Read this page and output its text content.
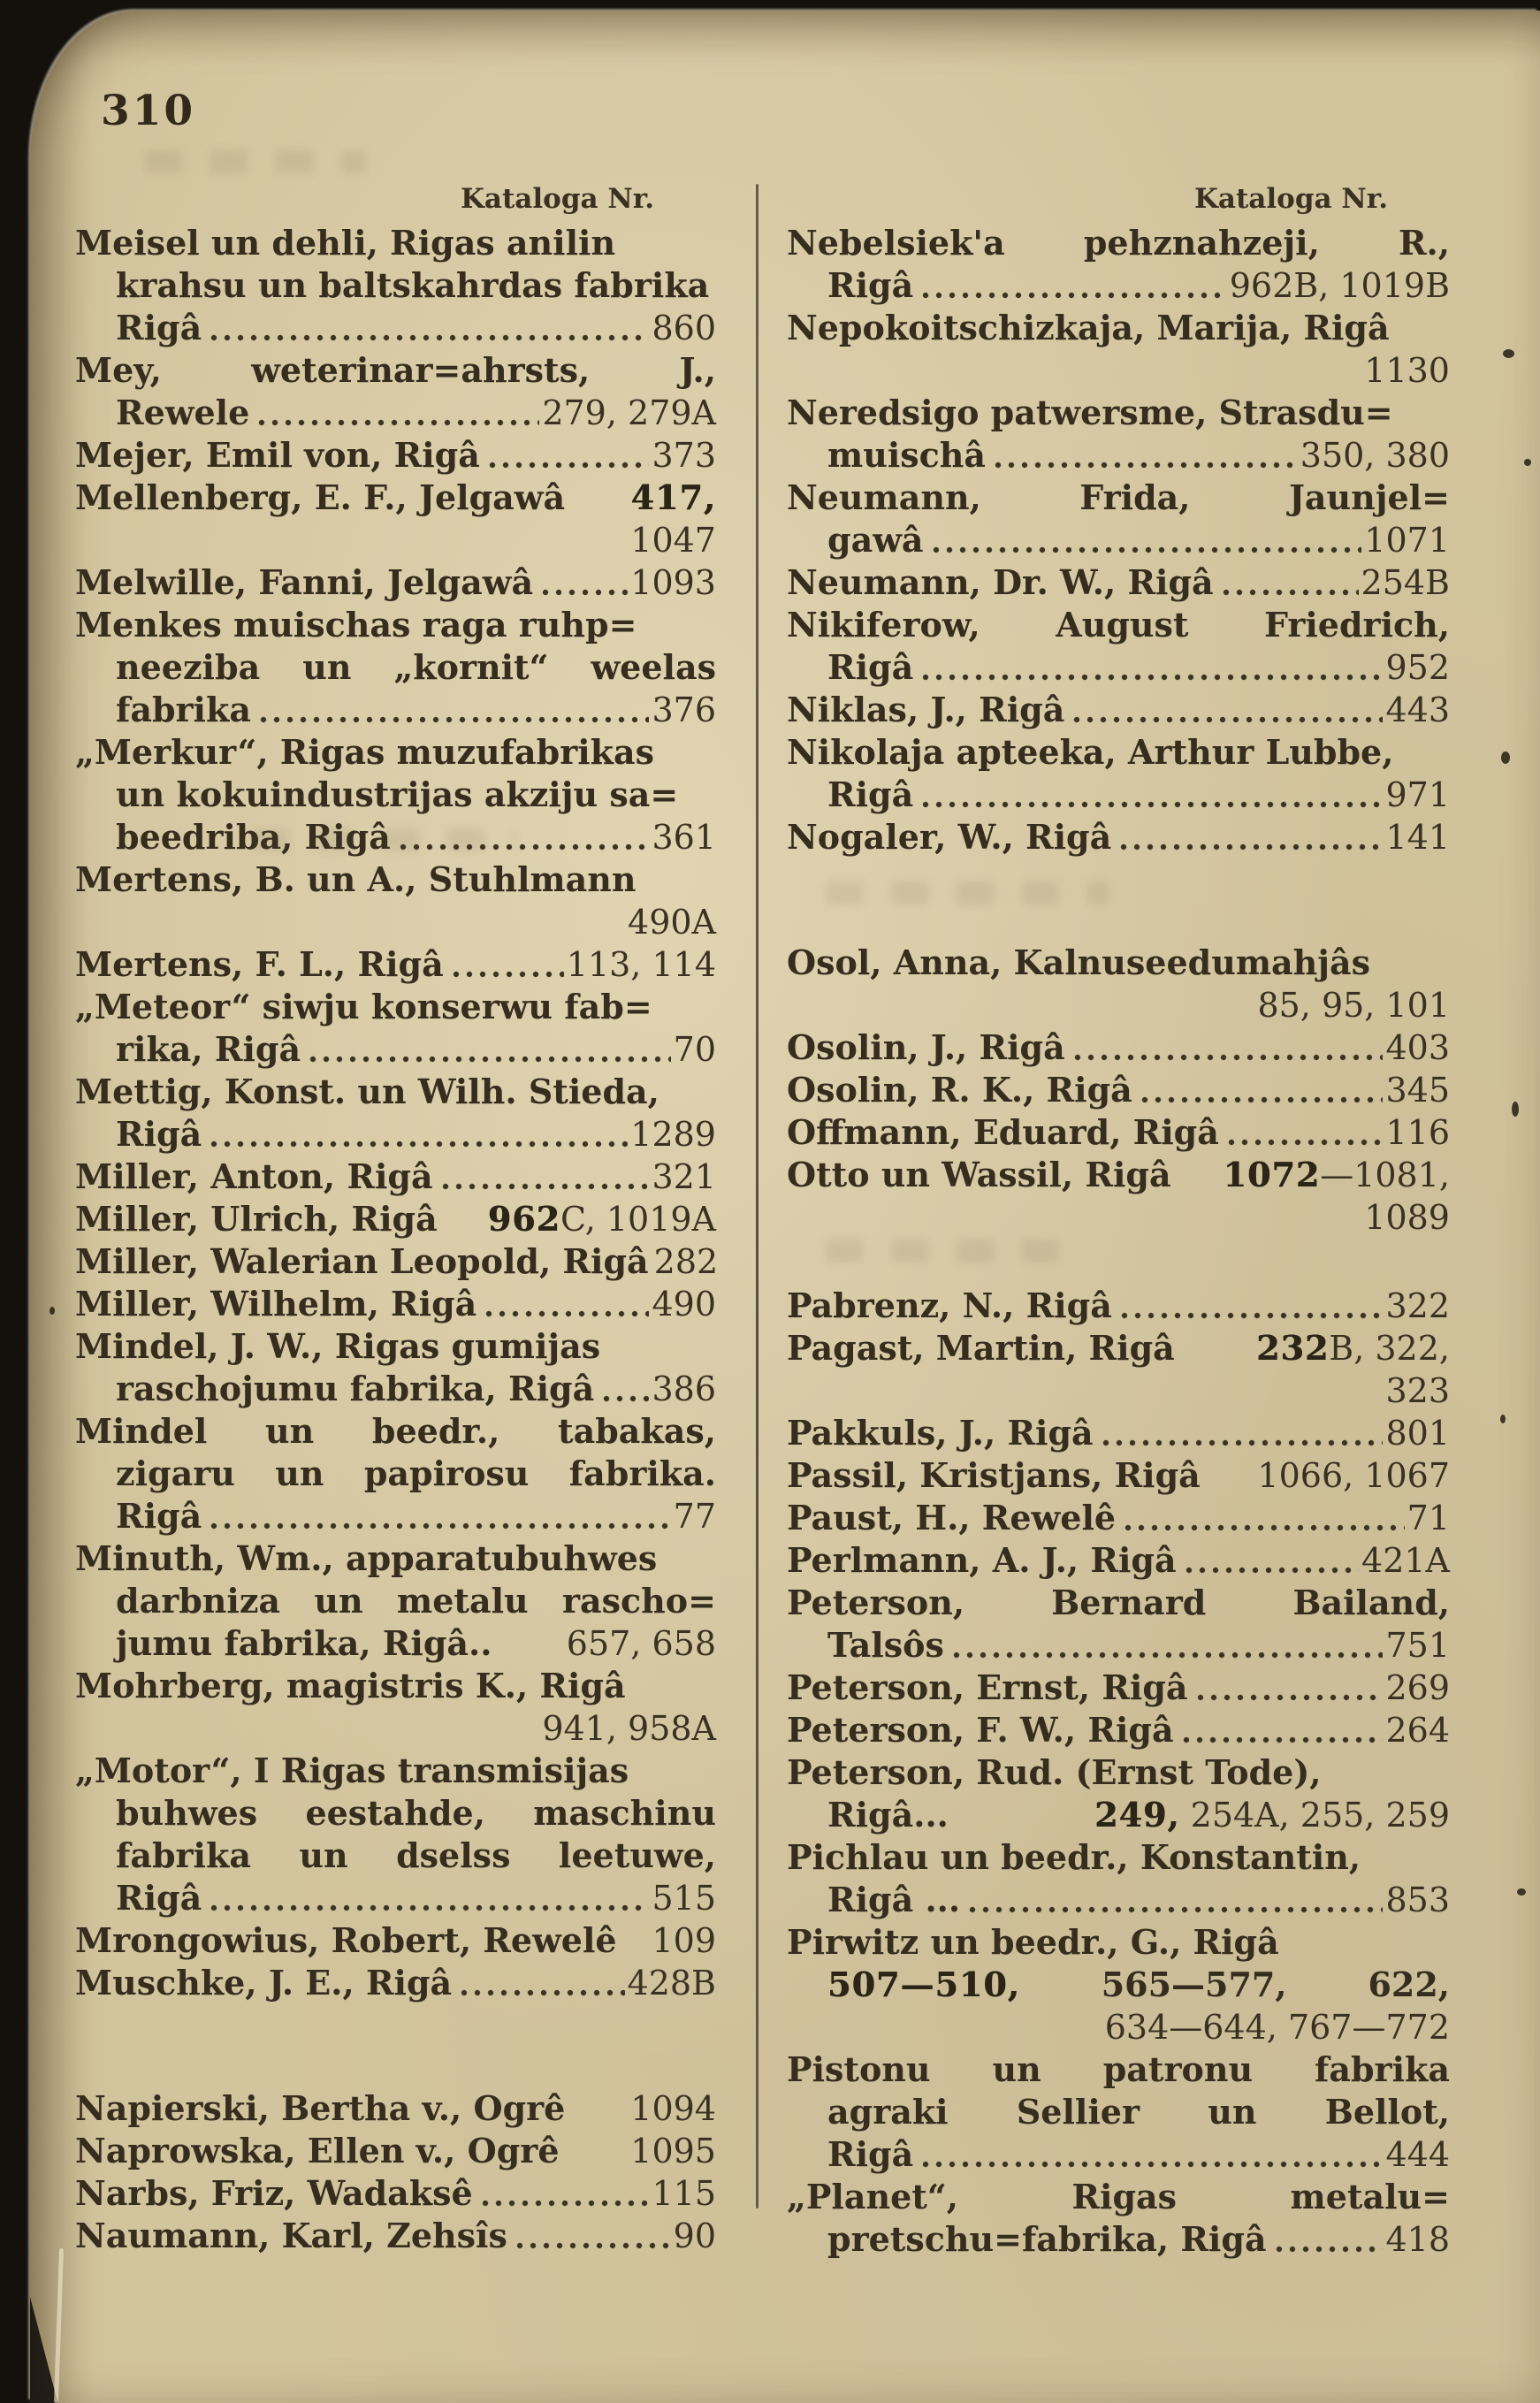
310
Kataloga Nr.
Meisel un dehli, Rigas anilin
krahsu un baltskahrdas fabrika
Rigâ	860
Mey,	weterinar=ahrsts,	J.,
Rewele	279, 279A
Mejer, Emil von, Rigâ	373
Mellenberg, E. F., Jelgawâ 417,
1047
Melwille, Fanni, Jelgawâ	1093
Menkes muischas raga ruhp=
neeziba un „kornit“ weelas
fabrika	376
„Merkur“, Rigas muzufabrikas
un kokuindustrijas akziju sa=
beedriba, Rigâ	361
Mertens, B. un A., Stuhlmann
490A
Mertens, F. L., Rigâ	113, 114
„Meteor“ siwju konserwu fab=
rika, Rigâ	70
Mettig, Konst. un Wilh. Stieda,
Rigâ	1289
Miller, Anton, Rigâ	321
Miller, Ulrich, Rigâ 962C, 1019A
Miller, Walerian Leopold, Rigâ 282
Miller, Wilhelm, Rigâ	490
Mindel, J. W., Rigas gumijas
raschojumu fabrika, Rigâ 386
Mindel un beedr., tabakas,
zigaru un papirosu fabrika.
Rigâ	77
Minuth, Wm., apparatubuhwes
darbniza un metalu rascho=
jumu fabrika, Rigâ.. 657, 658
Mohrberg, magistris K., Rigâ
941, 958A
„Motor“, I Rigas transmisijas
buhwes eestahde, maschinu
fabrika un dselss leetuwe,
Rigâ	515
Mrongowius, Robert, Rewelê 109
Muschke, J. E., Rigâ	428B
Napierski, Bertha v., Ogrê 1094
Naprowska, Ellen v., Ogrê 1095
Narbs, Friz, Wadaksê	115
Naumann, Karl, Zehsîs	90
Kataloga Nr.
Nebelsiek'a pehznahzeji, R.,
Rigâ	962B, 1019B
Nepokoitschizkaja, Marija, Rigâ
1130
Neredsigo patwersme, Strasdu=
muischâ	350, 380
Neumann,	Frida,	Jaunjel=
gawâ	1071
Neumann, Dr. W., Rigâ	254B
Nikiferow, August Friedrich,
Rigâ	952
Niklas, J., Rigâ	443
Nikolaja apteeka, Arthur Lubbe,
Rigâ	971
Nogaler, W., Rigâ	141
Osol, Anna, Kalnuseedumahjâs
85, 95, 101
Osolin, J., Rigâ	403
Osolin, R. K., Rigâ	345
Offmann, Eduard, Rigâ	116
Otto un Wassil, Rigâ 1072—1081,
1089
Pabrenz, N., Rigâ	322
Pagast, Martin, Rigâ 232B, 322,
323
Pakkuls, J., Rigâ	801
Passil, Kristjans, Rigâ 1066, 1067
Paust, H., Rewelê	71
Perlmann, A. J., Rigâ	421A
Peterson,	Bernard	Bailand,
Talsôs	751
Peterson, Ernst, Rigâ	269
Peterson, F. W., Rigâ	264
Peterson, Rud. (Ernst Tode),
Rigâ...	249, 254A, 255, 259
Pichlau un beedr., Konstantin,
Rigâ ...	853
Pirwitz un beedr., G., Rigâ
507—510, 565—577, 622,
634—644, 767—772
Pistonu un patronu fabrika
agraki Sellier un Bellot,
Rigâ	444
„Planet“,	Rigas	metalu=
pretschu=fabrika, Rigâ	418
